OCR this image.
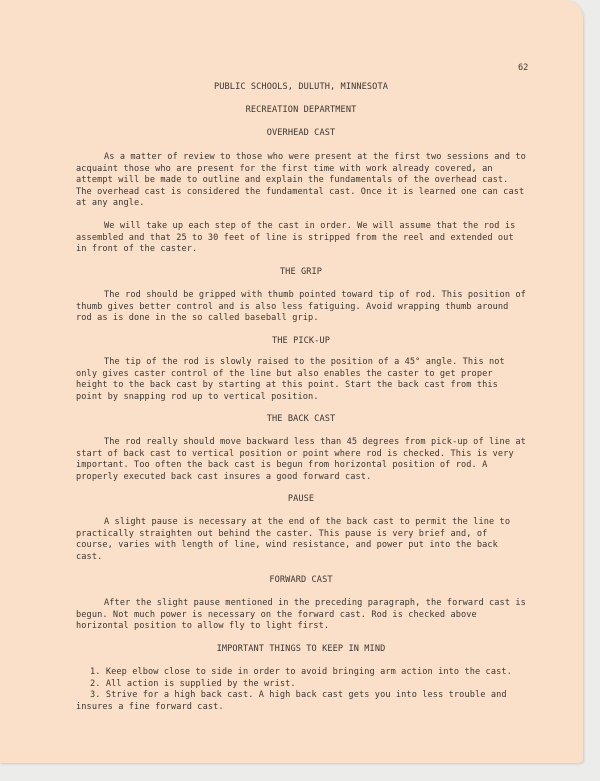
62
PUBLIC SCHOOLS, DULUTH, MINNESOTA
RECREATION DEPARTMENT
OVERHEAD CAST

As a matter of review to those who were present at the first two sessions and to acquaint those who are present for the first time with work already covered, an attempt will be made to outline and explain the fundamentals of the overhead cast. The overhead cast is considered the fundamental cast. Once it is learned one can cast at any angle.

We will take up each step of the cast in order. We will assume that the rod is assembled and that 25 to 30 feet of line is stripped from the reel and extended out in front of the caster.

THE GRIP

The rod should be gripped with thumb pointed toward tip of rod. This position of thumb gives better control and is also less fatiguing. Avoid wrapping thumb around rod as is done in the so called baseball grip.

THE PICK-UP

The tip of the rod is slowly raised to the position of a 45° angle. This not only gives caster control of the line but also enables the caster to get proper height to the back cast by starting at this point. Start the back cast from this point by snapping rod up to vertical position.

THE BACK CAST

The rod really should move backward less than 45 degrees from pick-up of line at start of back cast to vertical position or point where rod is checked. This is very important. Too often the back cast is begun from horizontal position of rod. A properly executed back cast insures a good forward cast.

PAUSE

A slight pause is necessary at the end of the back cast to permit the line to practically straighten out behind the caster. This pause is very brief and, of course, varies with length of line, wind resistance, and power put into the back cast.

FORWARD CAST

After the slight pause mentioned in the preceding paragraph, the forward cast is begun. Not much power is necessary on the forward cast. Rod is checked above horizontal position to allow fly to light first.

IMPORTANT THINGS TO KEEP IN MIND

1. Keep elbow close to side in order to avoid bringing arm action into the cast.

2. All action is supplied by the wrist.

3. Strive for a high back cast. A high back cast gets you into less trouble and insures a fine forward cast.
